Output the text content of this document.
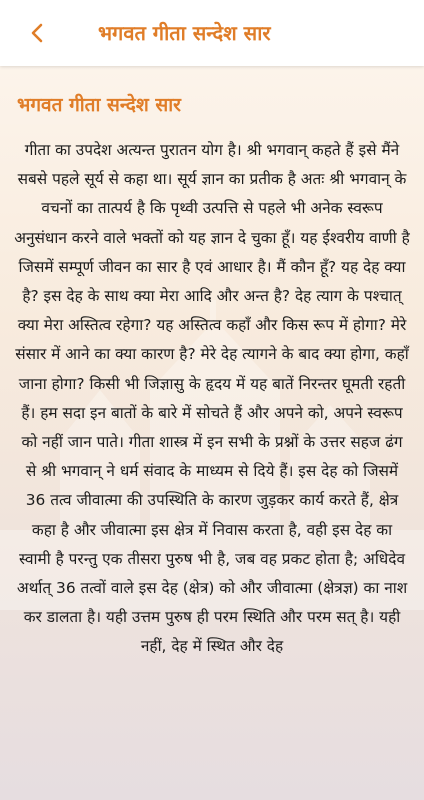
भगवत गीता सन्देश सार
भगवत गीता सन्देश सार
गीता का उपदेश अत्यन्त पुरातन योग है। श्री भगवान् कहते हैं इसे मैंने सबसे पहले सूर्य से कहा था। सूर्य ज्ञान का प्रतीक है अतः श्री भगवान् के वचनों का तात्पर्य है कि पृथ्वी उत्पत्ति से पहले भी अनेक स्वरूप अनुसंधान करने वाले भक्तों को यह ज्ञान दे चुका हूँ। यह ईश्वरीय वाणी है जिसमें सम्पूर्ण जीवन का सार है एवं आधार है। मैं कौन हूँ? यह देह क्या है? इस देह के साथ क्या मेरा आदि और अन्त है? देह त्याग के पश्चात् क्या मेरा अस्तित्व रहेगा? यह अस्तित्व कहाँ और किस रूप में होगा? मेरे संसार में आने का क्या कारण है? मेरे देह त्यागने के बाद क्या होगा, कहाँ जाना होगा? किसी भी जिज्ञासु के हृदय में यह बातें निरन्तर घूमती रहती हैं। हम सदा इन बातों के बारे में सोचते हैं और अपने को, अपने स्वरूप को नहीं जान पाते। गीता शास्त्र में इन सभी के प्रश्नों के उत्तर सहज ढंग से श्री भगवान् ने धर्म संवाद के माध्यम से दिये हैं। इस देह को जिसमें 36 तत्व जीवात्मा की उपस्थिति के कारण जुड़कर कार्य करते हैं, क्षेत्र कहा है और जीवात्मा इस क्षेत्र में निवास करता है, वही इस देह का स्वामी है परन्तु एक तीसरा पुरुष भी है, जब वह प्रकट होता है; अधिदेव अर्थात् 36 तत्वों वाले इस देह (क्षेत्र) को और जीवात्मा (क्षेत्रज्ञ) का नाश कर डालता है। यही उत्तम पुरुष ही परम स्थिति और परम सत् है। यही नहीं, देह में स्थित और देह
